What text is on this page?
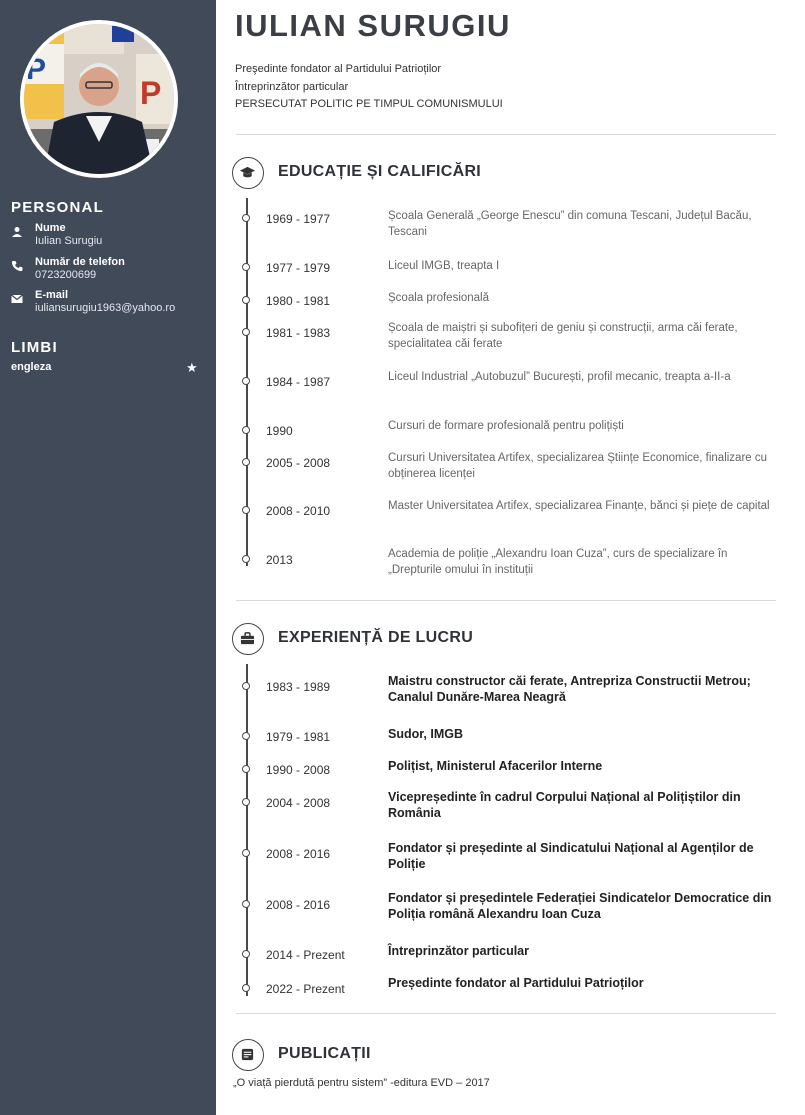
P
P
PERSONAL
Nume
Iulian Surugiu
Număr de telefon
0723200699
E-mail
iuliansurugiu1963@yahoo.ro
LIMBI
engleza	★
IULIAN SURUGIU
Preşedinte fondator al Partidului Patrioților
Întreprinzător particular
PERSECUTAT POLITIC PE TIMPUL COMUNISMULUI
EDUCAȚIE ȘI CALIFICĂRI
1969 - 1977	Școala Generală „George Enescu” din comuna Tescani, Județul Bacău, Tescani
1977 - 1979	Liceul IMGB, treapta I
1980 - 1981	Școala profesională
1981 - 1983	Școala de maiștri și subofițeri de geniu și construcții, arma căi ferate, specialitatea căi ferate
1984 - 1987	Liceul Industrial „Autobuzul” București, profil mecanic, treapta a-II-a
1990	Cursuri de formare profesională pentru polițiști
2005 - 2008	Cursuri Universitatea Artifex, specializarea Științe Economice, finalizare cu obținerea licenței
2008 - 2010	Master Universitatea Artifex, specializarea Finanțe, bănci și piețe de capital
2013	Academia de poliție „Alexandru Ioan Cuza”, curs de specializare în „Drepturile omului în instituții
EXPERIENȚĂ DE LUCRU
1983 - 1989	Maistru constructor căi ferate, Antrepriza Constructii Metrou; Canalul Dunăre-Marea Neagră
1979 - 1981	Sudor, IMGB
1990 - 2008	Polițist, Ministerul Afacerilor Interne
2004 - 2008	Vicepreședinte în cadrul Corpului Național al Polițiștilor din România
2008 - 2016	Fondator și președinte al Sindicatului Național al Agenților de Poliție
2008 - 2016	Fondator și președintele Federației Sindicatelor Democratice din Poliția română Alexandru Ioan Cuza
2014 - Prezent	Întreprinzător particular
2022 - Prezent	Președinte fondator al Partidului Patrioților
PUBLICAȚII
„O viață pierdută pentru sistem” -editura EVD – 2017
